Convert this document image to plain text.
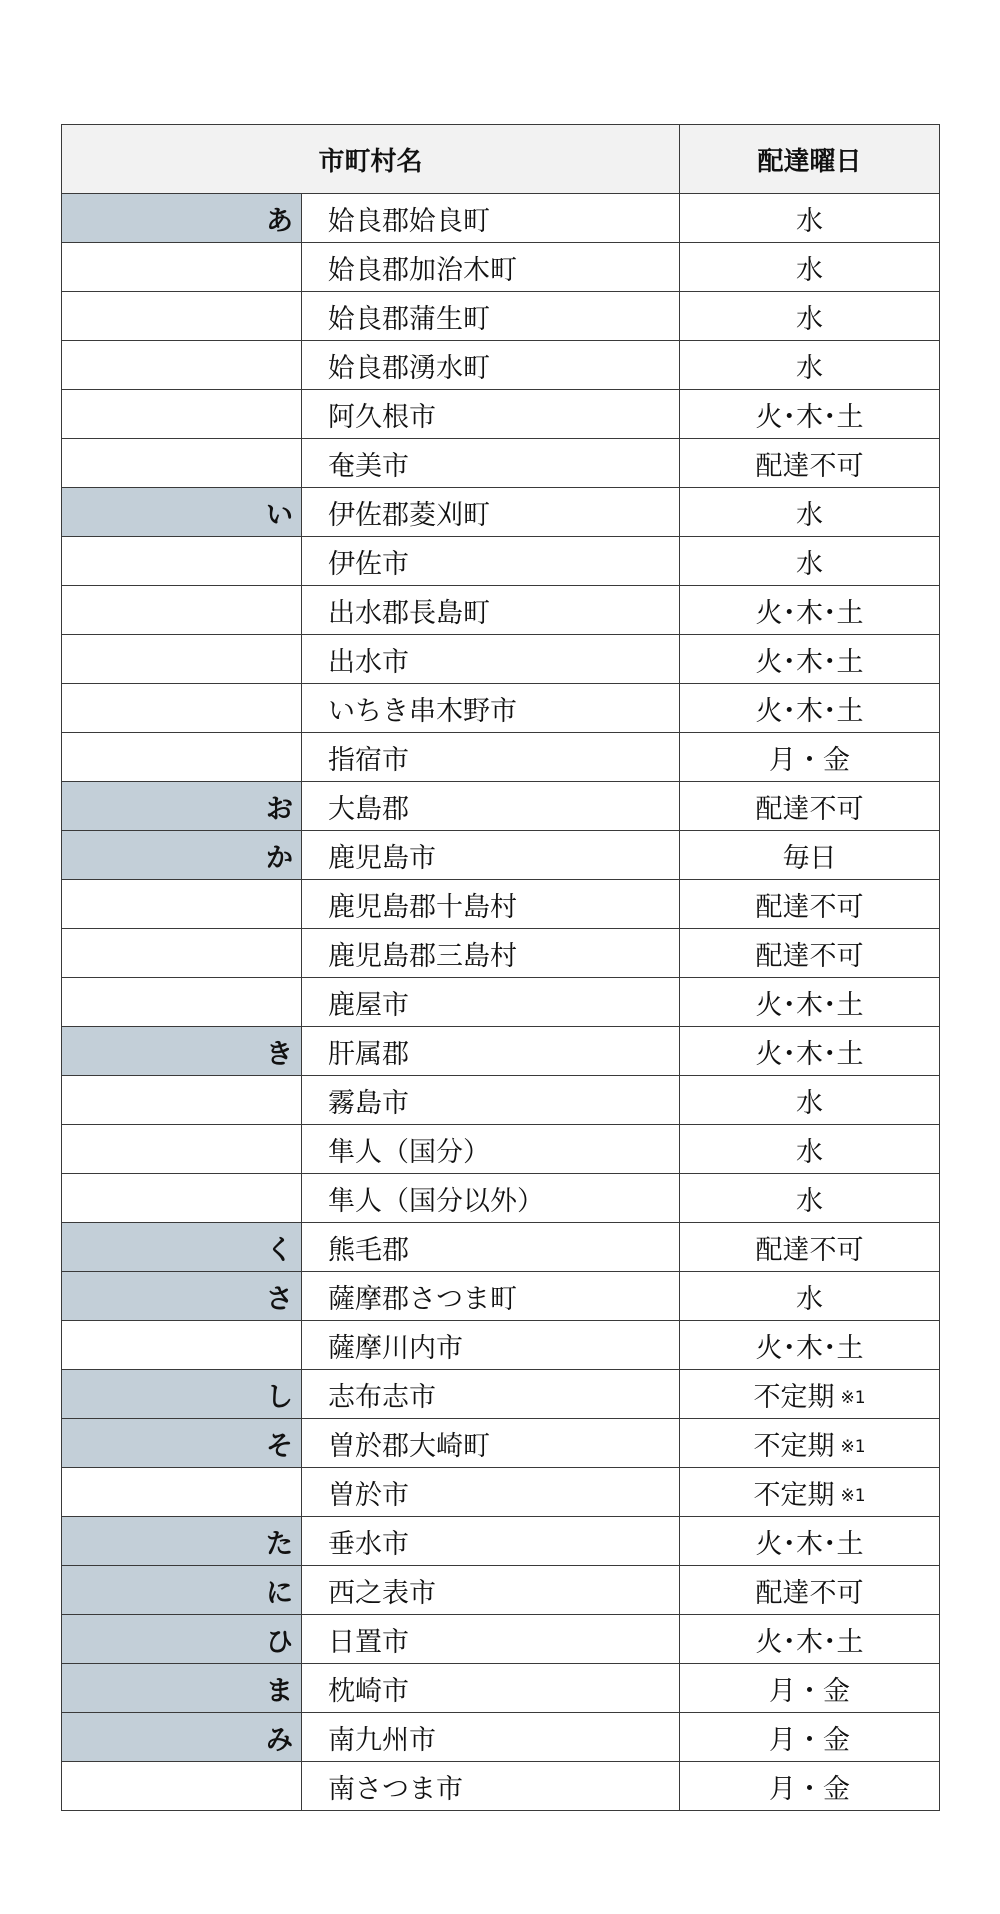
市町村名		配達曜日
あ	姶良郡姶良町	水
	姶良郡加治木町	水
	姶良郡蒲生町	水
	姶良郡湧水町	水
	阿久根市	火･木･土
	奄美市	配達不可
い	伊佐郡菱刈町	水
	伊佐市	水
	出水郡長島町	火･木･土
	出水市	火･木･土
	いちき串木野市	火･木･土
	指宿市	月・金
お	大島郡	配達不可
か	鹿児島市	毎日
	鹿児島郡十島村	配達不可
	鹿児島郡三島村	配達不可
	鹿屋市	火･木･土
き	肝属郡	火･木･土
	霧島市	水
	隼人（国分）	水
	隼人（国分以外）	水
く	熊毛郡	配達不可
さ	薩摩郡さつま町	水
	薩摩川内市	火･木･土
し	志布志市	不定期 ※1
そ	曽於郡大崎町	不定期 ※1
	曽於市	不定期 ※1
た	垂水市	火･木･土
に	西之表市	配達不可
ひ	日置市	火･木･土
ま	枕崎市	月・金
み	南九州市	月・金
	南さつま市	月・金
